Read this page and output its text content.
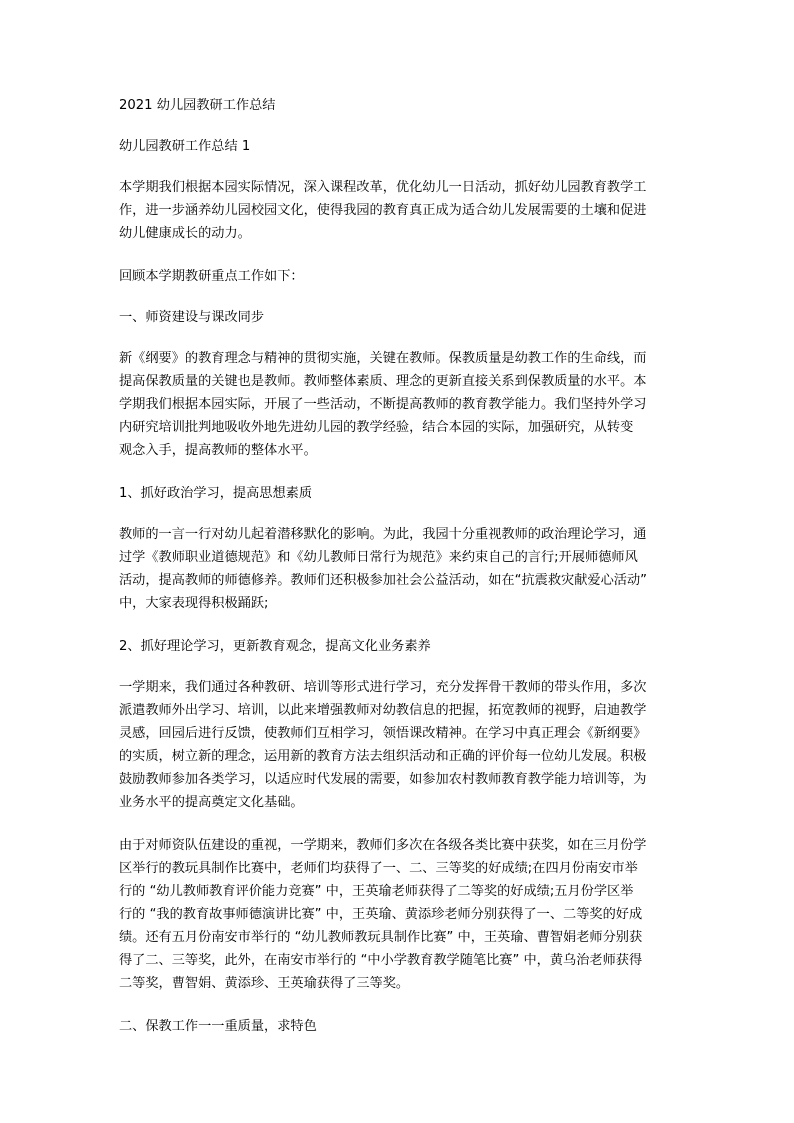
2021 幼儿园教研工作总结

幼儿园教研工作总结 1

本学期我们根据本园实际情况，深入课程改革，优化幼儿一日活动，抓好幼儿园教育教学工

作，进一步涵养幼儿园校园文化，使得我园的教育真正成为适合幼儿发展需要的土壤和促进

幼儿健康成长的动力。

回顾本学期教研重点工作如下：

一、师资建设与课改同步

新《纲要》的教育理念与精神的贯彻实施，关键在教师。保教质量是幼教工作的生命线，而

提高保教质量的关键也是教师。教师整体素质、理念的更新直接关系到保教质量的水平。本

学期我们根据本园实际，开展了一些活动，不断提高教师的教育教学能力。我们坚持外学习

内研究培训批判地吸收外地先进幼儿园的教学经验，结合本园的实际，加强研究，从转变

观念入手，提高教师的整体水平。

1、抓好政治学习，提高思想素质

教师的一言一行对幼儿起着潜移默化的影响。为此，我园十分重视教师的政治理论学习，通

过学《教师职业道德规范》和《幼儿教师日常行为规范》来约束自己的言行;开展师德师风

活动，提高教师的师德修养。教师们还积极参加社会公益活动，如在“抗震救灾献爱心活动”

中，大家表现得积极踊跃;

2、抓好理论学习，更新教育观念，提高文化业务素养

一学期来，我们通过各种教研、培训等形式进行学习，充分发挥骨干教师的带头作用，多次

派遣教师外出学习、培训，以此来增强教师对幼教信息的把握，拓宽教师的视野，启迪教学

灵感，回园后进行反馈，使教师们互相学习，领悟课改精神。在学习中真正理会《新纲要》

的实质，树立新的理念，运用新的教育方法去组织活动和正确的评价每一位幼儿发展。积极

鼓励教师参加各类学习，以适应时代发展的需要，如参加农村教师教育教学能力培训等，为

业务水平的提高奠定文化基础。

由于对师资队伍建设的重视，一学期来，教师们多次在各级各类比赛中获奖，如在三月份学

区举行的教玩具制作比赛中，老师们均获得了一、二、三等奖的好成绩;在四月份南安市举

行的 “幼儿教师教育评价能力竞赛” 中，王英瑜老师获得了二等奖的好成绩;五月份学区举

行的 “我的教育故事师德演讲比赛” 中，王英瑜、黄添珍老师分别获得了一、二等奖的好成

绩。还有五月份南安市举行的 “幼儿教师教玩具制作比赛” 中，王英瑜、曹智娟老师分别获

得了二、三等奖，此外，在南安市举行的 “中小学教育教学随笔比赛” 中，黄乌治老师获得

二等奖，曹智娟、黄添珍、王英瑜获得了三等奖。

二、保教工作一一重质量，求特色
